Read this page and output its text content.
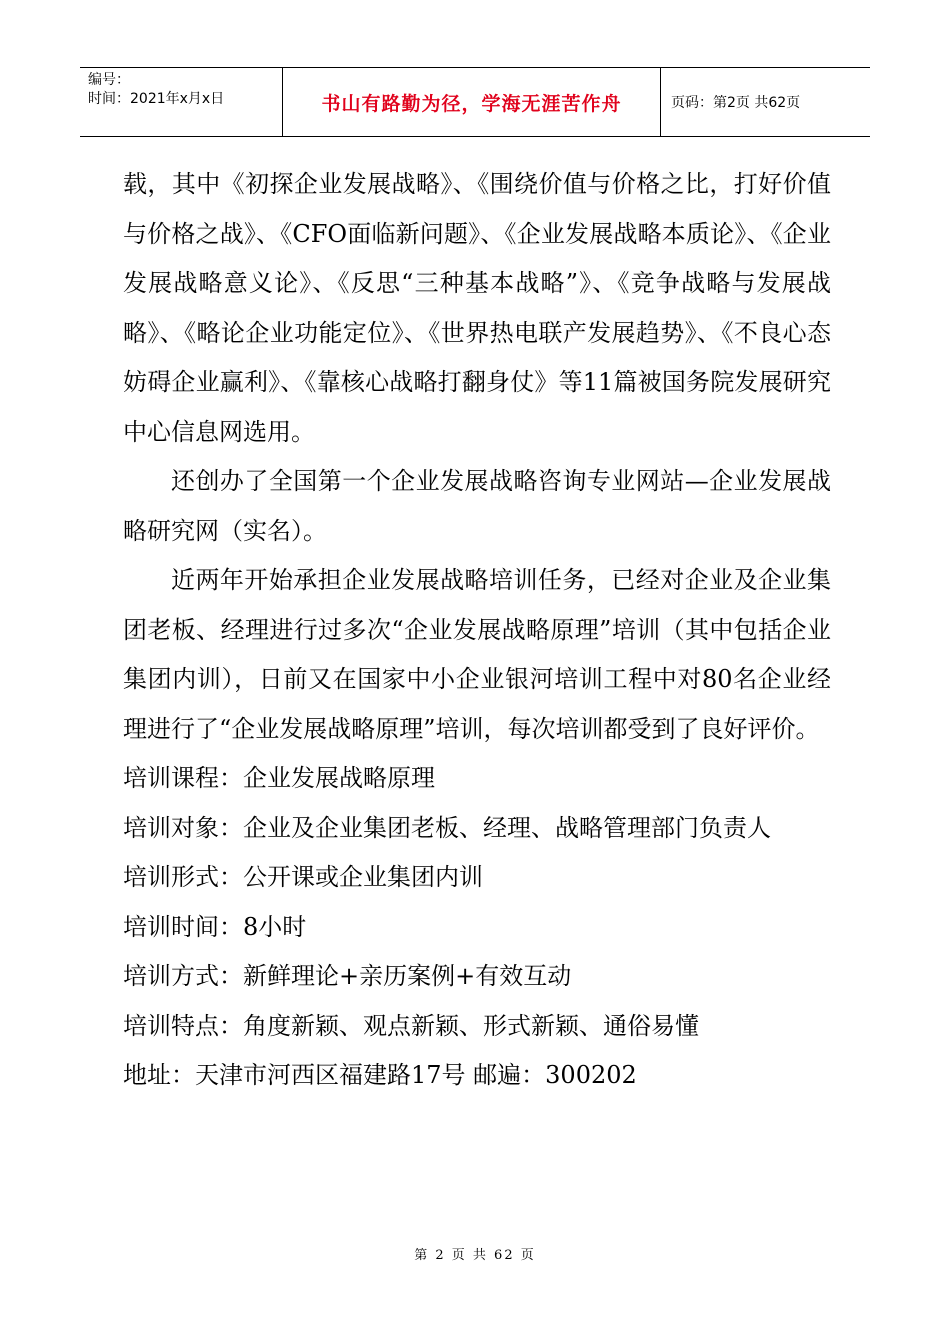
编号：
时间：2021年x月x日	书山有路勤为径，学海无涯苦作舟	页码：第2页 共62页

载，其中《初探企业发展战略》、《围绕价值与价格之比，打好价值与价格之战》、《CFO面临新问题》、《企业发展战略本质论》、《企业发展战略意义论》、《反思“三种基本战略”》、《竞争战略与发展战略》、《略论企业功能定位》、《世界热电联产发展趋势》、《不良心态妨碍企业赢利》、《靠核心战略打翻身仗》等11篇被国务院发展研究中心信息网选用。

还创办了全国第一个企业发展战略咨询专业网站—企业发展战略研究网（实名）。

近两年开始承担企业发展战略培训任务，已经对企业及企业集团老板、经理进行过多次“企业发展战略原理”培训（其中包括企业集团内训），日前又在国家中小企业银河培训工程中对80名企业经理进行了“企业发展战略原理”培训，每次培训都受到了良好评价。

培训课程：企业发展战略原理

培训对象：企业及企业集团老板、经理、战略管理部门负责人

培训形式：公开课或企业集团内训

培训时间：8小时

培训方式：新鲜理论+亲历案例+有效互动

培训特点：角度新颖、观点新颖、形式新颖、通俗易懂

地址：天津市河西区福建路17号 邮遍：300202

第 2 页 共 62 页
